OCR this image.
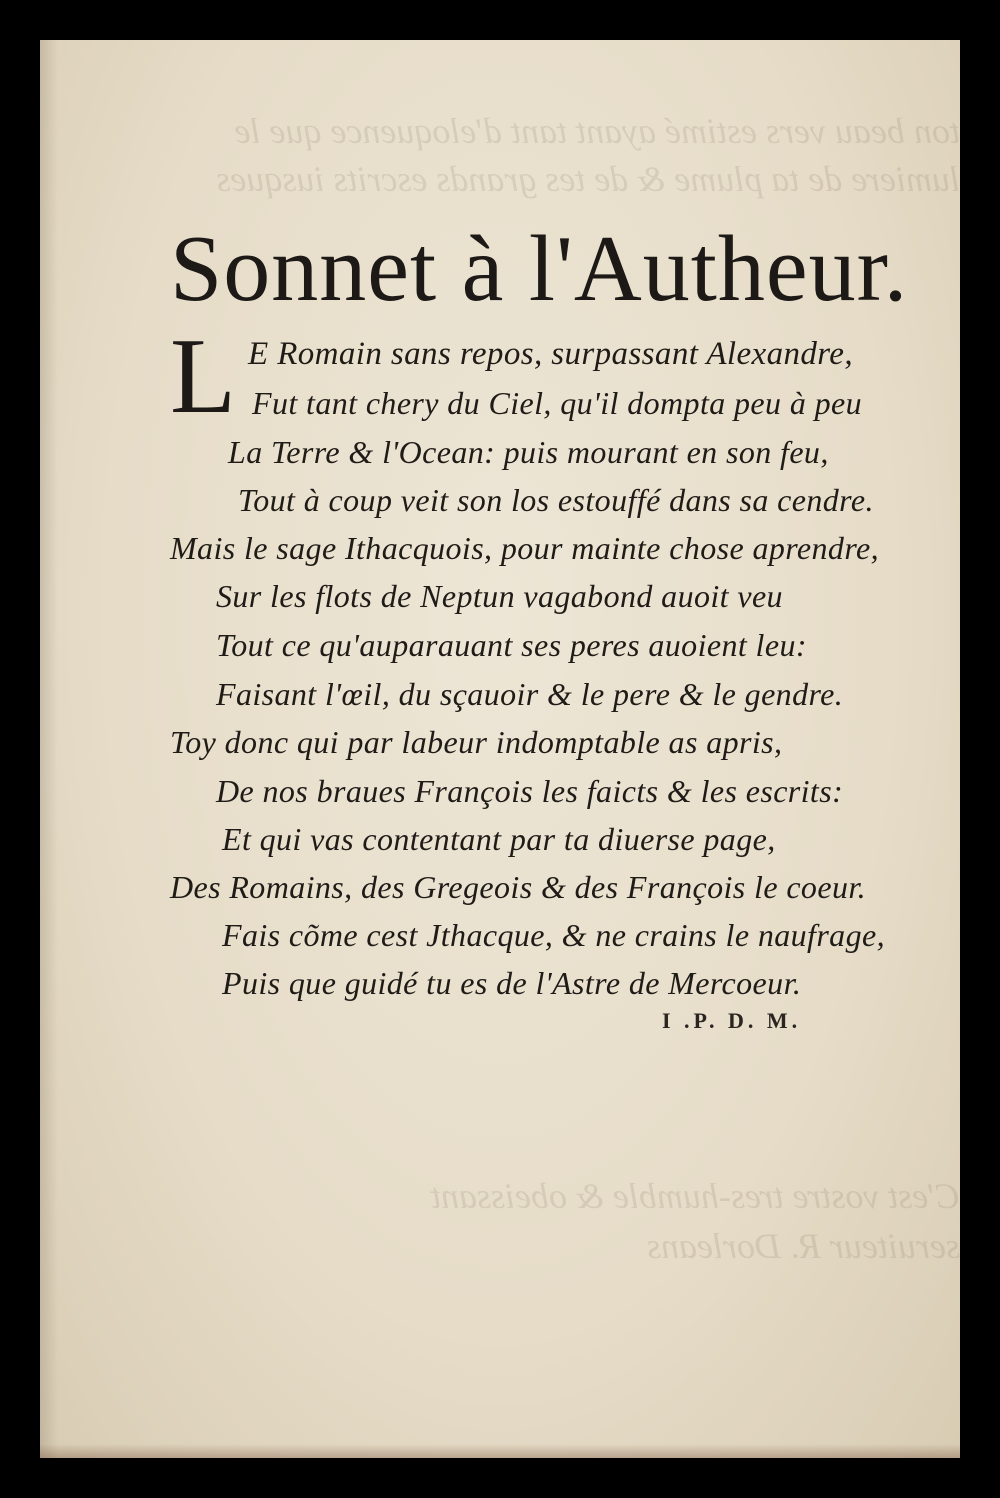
ton beau vers estimé ayant tant d'eloquence que le
lumiere de ta plume & de tes grands escrits iusques
C'est vostre tres-humble & obeissant
seruiteur R. Dorleans
Sonnet à l'Autheur.
L E Romain sans repos, surpassant Alexandre,
Fut tant chery du Ciel, qu'il dompta peu à peu
La Terre & l'Ocean: puis mourant en son feu,
Tout à coup veit son los estouffé dans sa cendre.
Mais le sage Ithacquois, pour mainte chose aprendre,
Sur les flots de Neptun vagabond auoit veu
Tout ce qu'auparauant ses peres auoient leu:
Faisant l'œil, du sçauoir & le pere & le gendre.
Toy donc qui par labeur indomptable as apris,
De nos braues François les faicts & les escrits:
Et qui vas contentant par ta diuerse page,
Des Romains, des Gregeois & des François le coeur.
Fais cõme cest Jthacque, & ne crains le naufrage,
Puis que guidé tu es de l'Astre de Mercoeur.
I .P. D. M.
